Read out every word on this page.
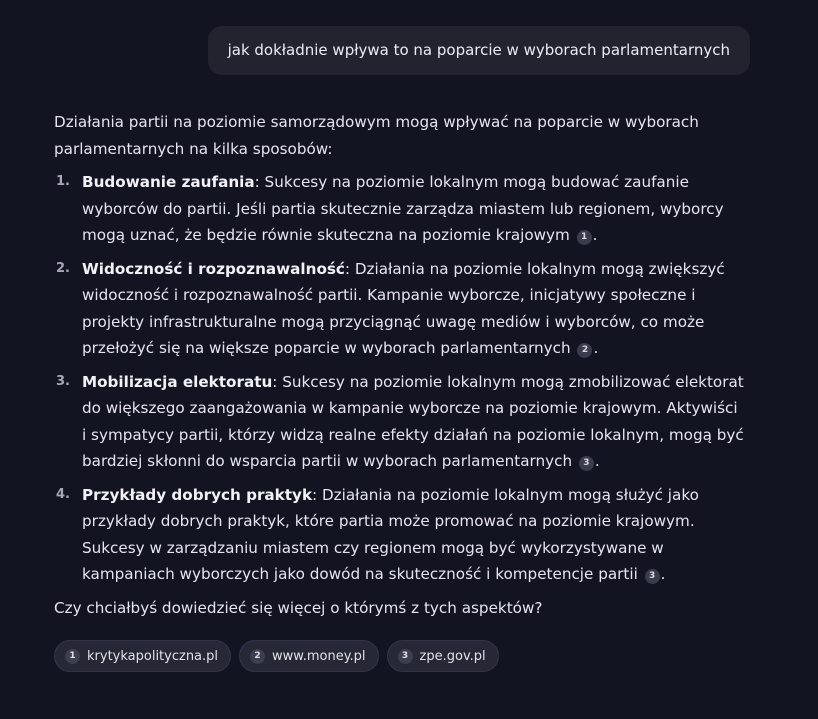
jak dokładnie wpływa to na poparcie w wyborach parlamentarnych

Działania partii na poziomie samorządowym mogą wpływać na poparcie w wyborach parlamentarnych na kilka sposobów:

1. Budowanie zaufania: Sukcesy na poziomie lokalnym mogą budować zaufanie wyborców do partii. Jeśli partia skutecznie zarządza miastem lub regionem, wyborcy mogą uznać, że będzie równie skuteczna na poziomie krajowym 1 .
2. Widoczność i rozpoznawalność: Działania na poziomie lokalnym mogą zwiększyć widoczność i rozpoznawalność partii. Kampanie wyborcze, inicjatywy społeczne i projekty infrastrukturalne mogą przyciągnąć uwagę mediów i wyborców, co może przełożyć się na większe poparcie w wyborach parlamentarnych 2 .
3. Mobilizacja elektoratu: Sukcesy na poziomie lokalnym mogą zmobilizować elektorat do większego zaangażowania w kampanie wyborcze na poziomie krajowym. Aktywiści i sympatycy partii, którzy widzą realne efekty działań na poziomie lokalnym, mogą być bardziej skłonni do wsparcia partii w wyborach parlamentarnych 3 .
4. Przykłady dobrych praktyk: Działania na poziomie lokalnym mogą służyć jako przykłady dobrych praktyk, które partia może promować na poziomie krajowym. Sukcesy w zarządzaniu miastem czy regionem mogą być wykorzystywane w kampaniach wyborczych jako dowód na skuteczność i kompetencje partii 3 .

Czy chciałbyś dowiedzieć się więcej o którymś z tych aspektów?

1 krytykapolityczna.pl	2 www.money.pl	3 zpe.gov.pl
